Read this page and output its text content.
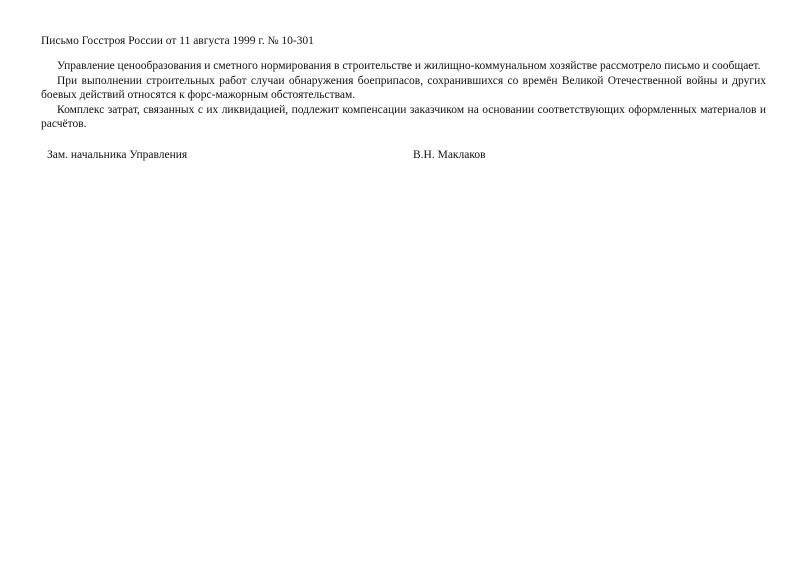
Письмо Госстроя России от 11 августа 1999 г. № 10-301

Управление ценообразования и сметного нормирования в строительстве и жилищно-коммунальном хозяйстве рассмотрело письмо и сообщает.

При выполнении строительных работ случаи обнаружения боеприпасов, сохранившихся со времён Великой Отечественной войны и других боевых действий относятся к форс-мажорным обстоятельствам.

Комплекс затрат, связанных с их ликвидацией, подлежит компенсации заказчиком на основании соответствующих оформленных материалов и расчётов.

Зам. начальника Управления	В.Н. Маклаков
